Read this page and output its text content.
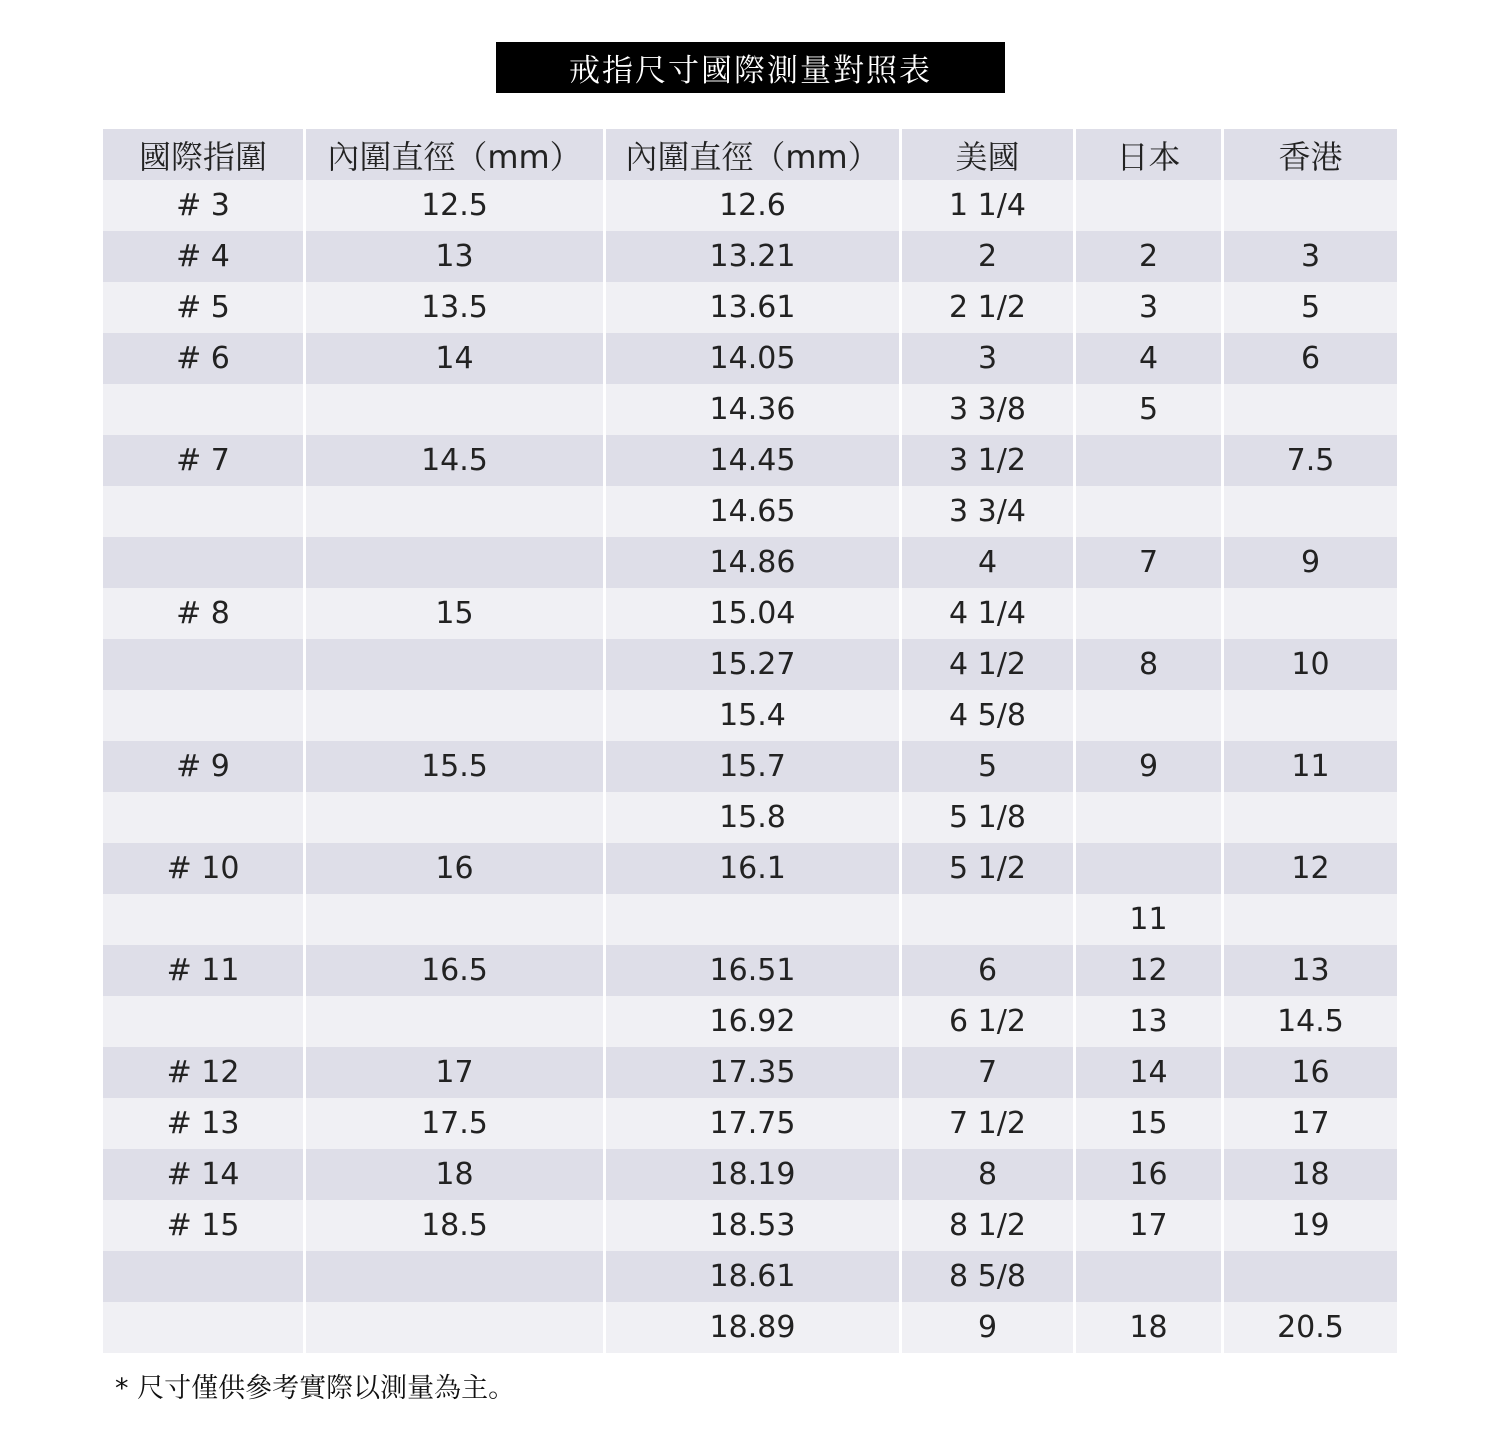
戒指尺寸國際測量對照表
國際指圍	內圍直徑（mm）	內圍直徑（mm）	美國	日本	香港
# 3	12.5	12.6	1 1/4		
# 4	13	13.21	2	2	3
# 5	13.5	13.61	2 1/2	3	5
# 6	14	14.05	3	4	6
		14.36	3 3/8	5	
# 7	14.5	14.45	3 1/2		7.5
		14.65	3 3/4		
		14.86	4	7	9
# 8	15	15.04	4 1/4		
		15.27	4 1/2	8	10
		15.4	4 5/8		
# 9	15.5	15.7	5	9	11
		15.8	5 1/8		
# 10	16	16.1	5 1/2		12
				11	
# 11	16.5	16.51	6	12	13
		16.92	6 1/2	13	14.5
# 12	17	17.35	7	14	16
# 13	17.5	17.75	7 1/2	15	17
# 14	18	18.19	8	16	18
# 15	18.5	18.53	8 1/2	17	19
		18.61	8 5/8		
		18.89	9	18	20.5
* 尺寸僅供參考實際以測量為主。
